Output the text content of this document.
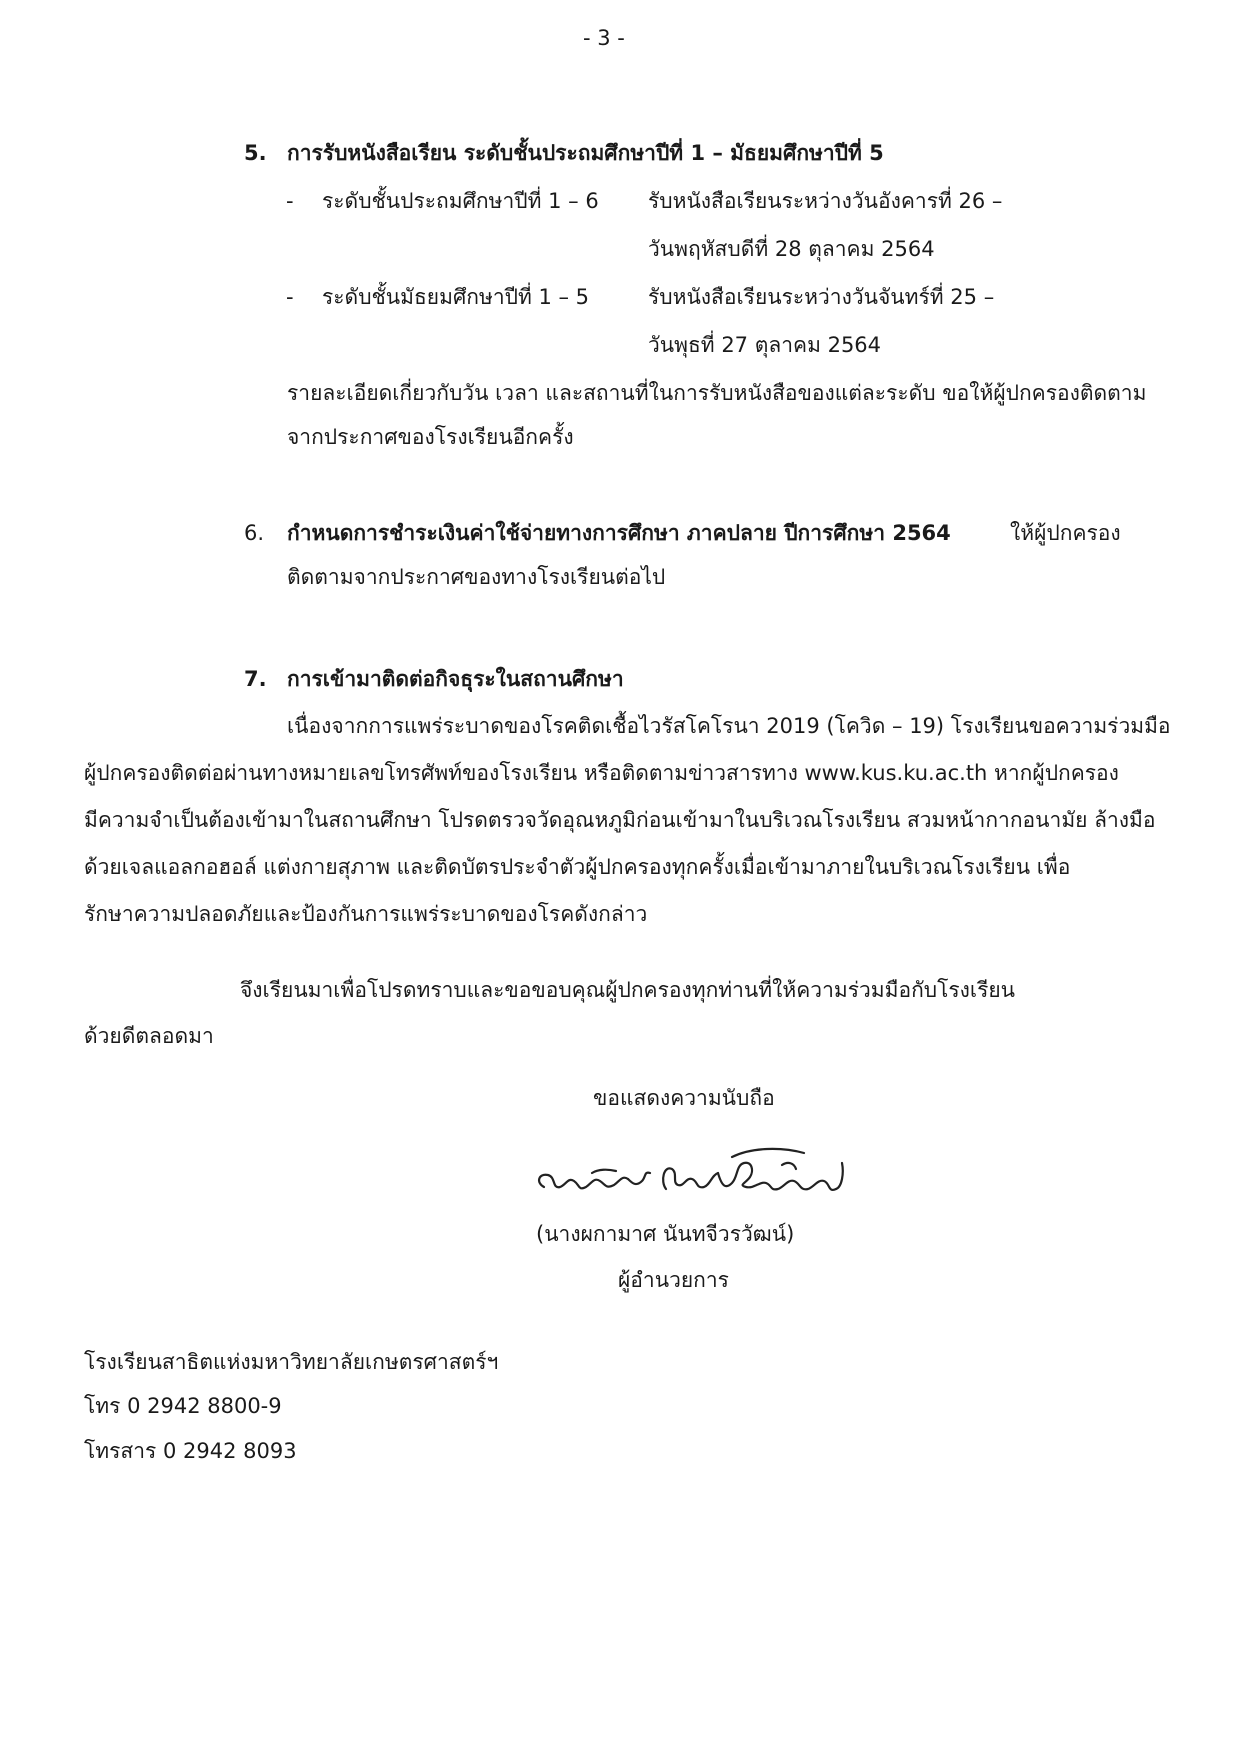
- 3 -
5. การรับหนังสือเรียน ระดับชั้นประถมศึกษาปีที่ 1 – มัธยมศึกษาปีที่ 5
- ระดับชั้นประถมศึกษาปีที่ 1 – 6 รับหนังสือเรียนระหว่างวันอังคารที่ 26 –
วันพฤหัสบดีที่ 28 ตุลาคม 2564
- ระดับชั้นมัธยมศึกษาปีที่ 1 – 5	รับหนังสือเรียนระหว่างวันจันทร์ที่ 25 –
วันพุธที่ 27 ตุลาคม 2564
รายละเอียดเกี่ยวกับวัน เวลา และสถานที่ในการรับหนังสือของแต่ละระดับ ขอให้ผู้ปกครองติดตาม
จากประกาศของโรงเรียนอีกครั้ง
6. กำหนดการชำระเงินค่าใช้จ่ายทางการศึกษา ภาคปลาย ปีการศึกษา 2564	ให้ผู้ปกครอง
ติดตามจากประกาศของทางโรงเรียนต่อไป
7. การเข้ามาติดต่อกิจธุระในสถานศึกษา
เนื่องจากการแพร่ระบาดของโรคติดเชื้อไวรัสโคโรนา 2019 (โควิด – 19) โรงเรียนขอความร่วมมือ
ผู้ปกครองติดต่อผ่านทางหมายเลขโทรศัพท์ของโรงเรียน หรือติดตามข่าวสารทาง www.kus.ku.ac.th หากผู้ปกครอง
มีความจำเป็นต้องเข้ามาในสถานศึกษา โปรดตรวจวัดอุณหภูมิก่อนเข้ามาในบริเวณโรงเรียน สวมหน้ากากอนามัย ล้างมือ
ด้วยเจลแอลกอฮอล์ แต่งกายสุภาพ และติดบัตรประจำตัวผู้ปกครองทุกครั้งเมื่อเข้ามาภายในบริเวณโรงเรียน เพื่อ
รักษาความปลอดภัยและป้องกันการแพร่ระบาดของโรคดังกล่าว
จึงเรียนมาเพื่อโปรดทราบและขอขอบคุณผู้ปกครองทุกท่านที่ให้ความร่วมมือกับโรงเรียน
ด้วยดีตลอดมา
ขอแสดงความนับถือ
(นางผกามาศ นันทจีวรวัฒน์)
ผู้อำนวยการ
โรงเรียนสาธิตแห่งมหาวิทยาลัยเกษตรศาสตร์ฯ
โทร 0 2942 8800-9
โทรสาร 0 2942 8093
